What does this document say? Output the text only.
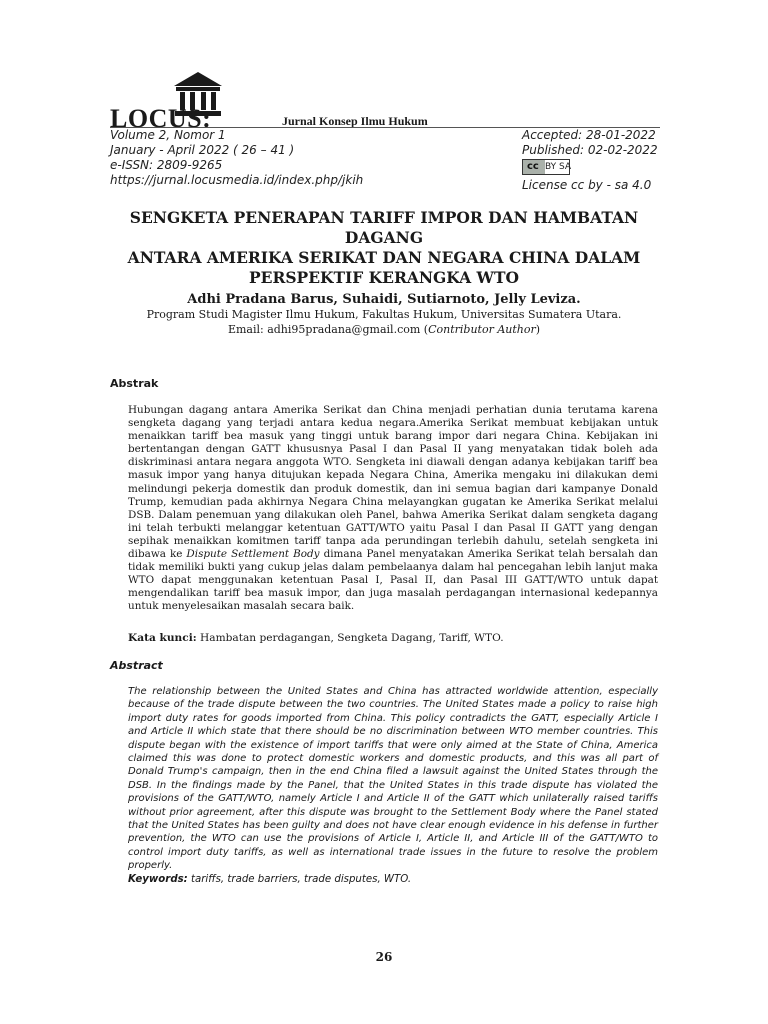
LOCUS:	Jurnal Konsep Ilmu Hukum
Volume 2, Nomor 1
January - April 2022 ( 26 – 41 )
e-ISSN: 2809-9265
https://jurnal.locusmedia.id/index.php/jkih
Accepted: 28-01-2022
Published: 02-02-2022
cc
BY SA
License cc by - sa 4.0
SENGKETA PENERAPAN TARIFF IMPOR DAN HAMBATAN DAGANG
ANTARA AMERIKA SERIKAT DAN NEGARA CHINA DALAM
PERSPEKTIF KERANGKA WTO
Adhi Pradana Barus, Suhaidi, Sutiarnoto, Jelly Leviza.
Program Studi Magister Ilmu Hukum, Fakultas Hukum, Universitas Sumatera Utara.
Email: adhi95pradana@gmail.com (Contributor Author)
Abstrak
Hubungan dagang antara Amerika Serikat dan China menjadi perhatian dunia terutama karena sengketa dagang yang terjadi antara kedua negara.Amerika Serikat membuat kebijakan untuk menaikkan tariff bea masuk yang tinggi untuk barang impor dari negara China. Kebijakan ini bertentangan dengan GATT khususnya Pasal I dan Pasal II yang menyatakan tidak boleh ada diskriminasi antara negara anggota WTO. Sengketa ini diawali dengan adanya kebijakan tariff bea masuk impor yang hanya ditujukan kepada Negara China, Amerika mengaku ini dilakukan demi melindungi pekerja domestik dan produk domestik, dan ini semua bagian dari kampanye Donald Trump, kemudian pada akhirnya Negara China melayangkan gugatan ke Amerika Serikat melalui DSB. Dalam penemuan yang dilakukan oleh Panel, bahwa Amerika Serikat dalam sengketa dagang ini telah terbukti melanggar ketentuan GATT/WTO yaitu Pasal I dan Pasal II GATT yang dengan sepihak menaikkan komitmen tariff tanpa ada perundingan terlebih dahulu, setelah sengketa ini dibawa ke Dispute Settlement Body dimana Panel menyatakan Amerika Serikat telah bersalah dan tidak memiliki bukti yang cukup jelas dalam pembelaanya dalam hal pencegahan lebih lanjut maka WTO dapat menggunakan ketentuan Pasal I, Pasal II, dan Pasal III GATT/WTO untuk dapat mengendalikan tariff bea masuk impor, dan juga masalah perdagangan internasional kedepannya untuk menyelesaikan masalah secara baik.
Kata kunci: Hambatan perdagangan, Sengketa Dagang, Tariff, WTO.
Abstract
The relationship between the United States and China has attracted worldwide attention, especially because of the trade dispute between the two countries. The United States made a policy to raise high import duty rates for goods imported from China. This policy contradicts the GATT, especially Article I and Article II which state that there should be no discrimination between WTO member countries. This dispute began with the existence of import tariffs that were only aimed at the State of China, America claimed this was done to protect domestic workers and domestic products, and this was all part of Donald Trump's campaign, then in the end China filed a lawsuit against the United States through the DSB. In the findings made by the Panel, that the United States in this trade dispute has violated the provisions of the GATT/WTO, namely Article I and Article II of the GATT which unilaterally raised tariffs without prior agreement, after this dispute was brought to the Settlement Body where the Panel stated that the United States has been guilty and does not have clear enough evidence in his defense in further prevention, the WTO can use the provisions of Article I, Article II, and Article III of the GATT/WTO to control import duty tariffs, as well as international trade issues in the future to resolve the problem properly.
Keywords: tariffs, trade barriers, trade disputes, WTO.
26
